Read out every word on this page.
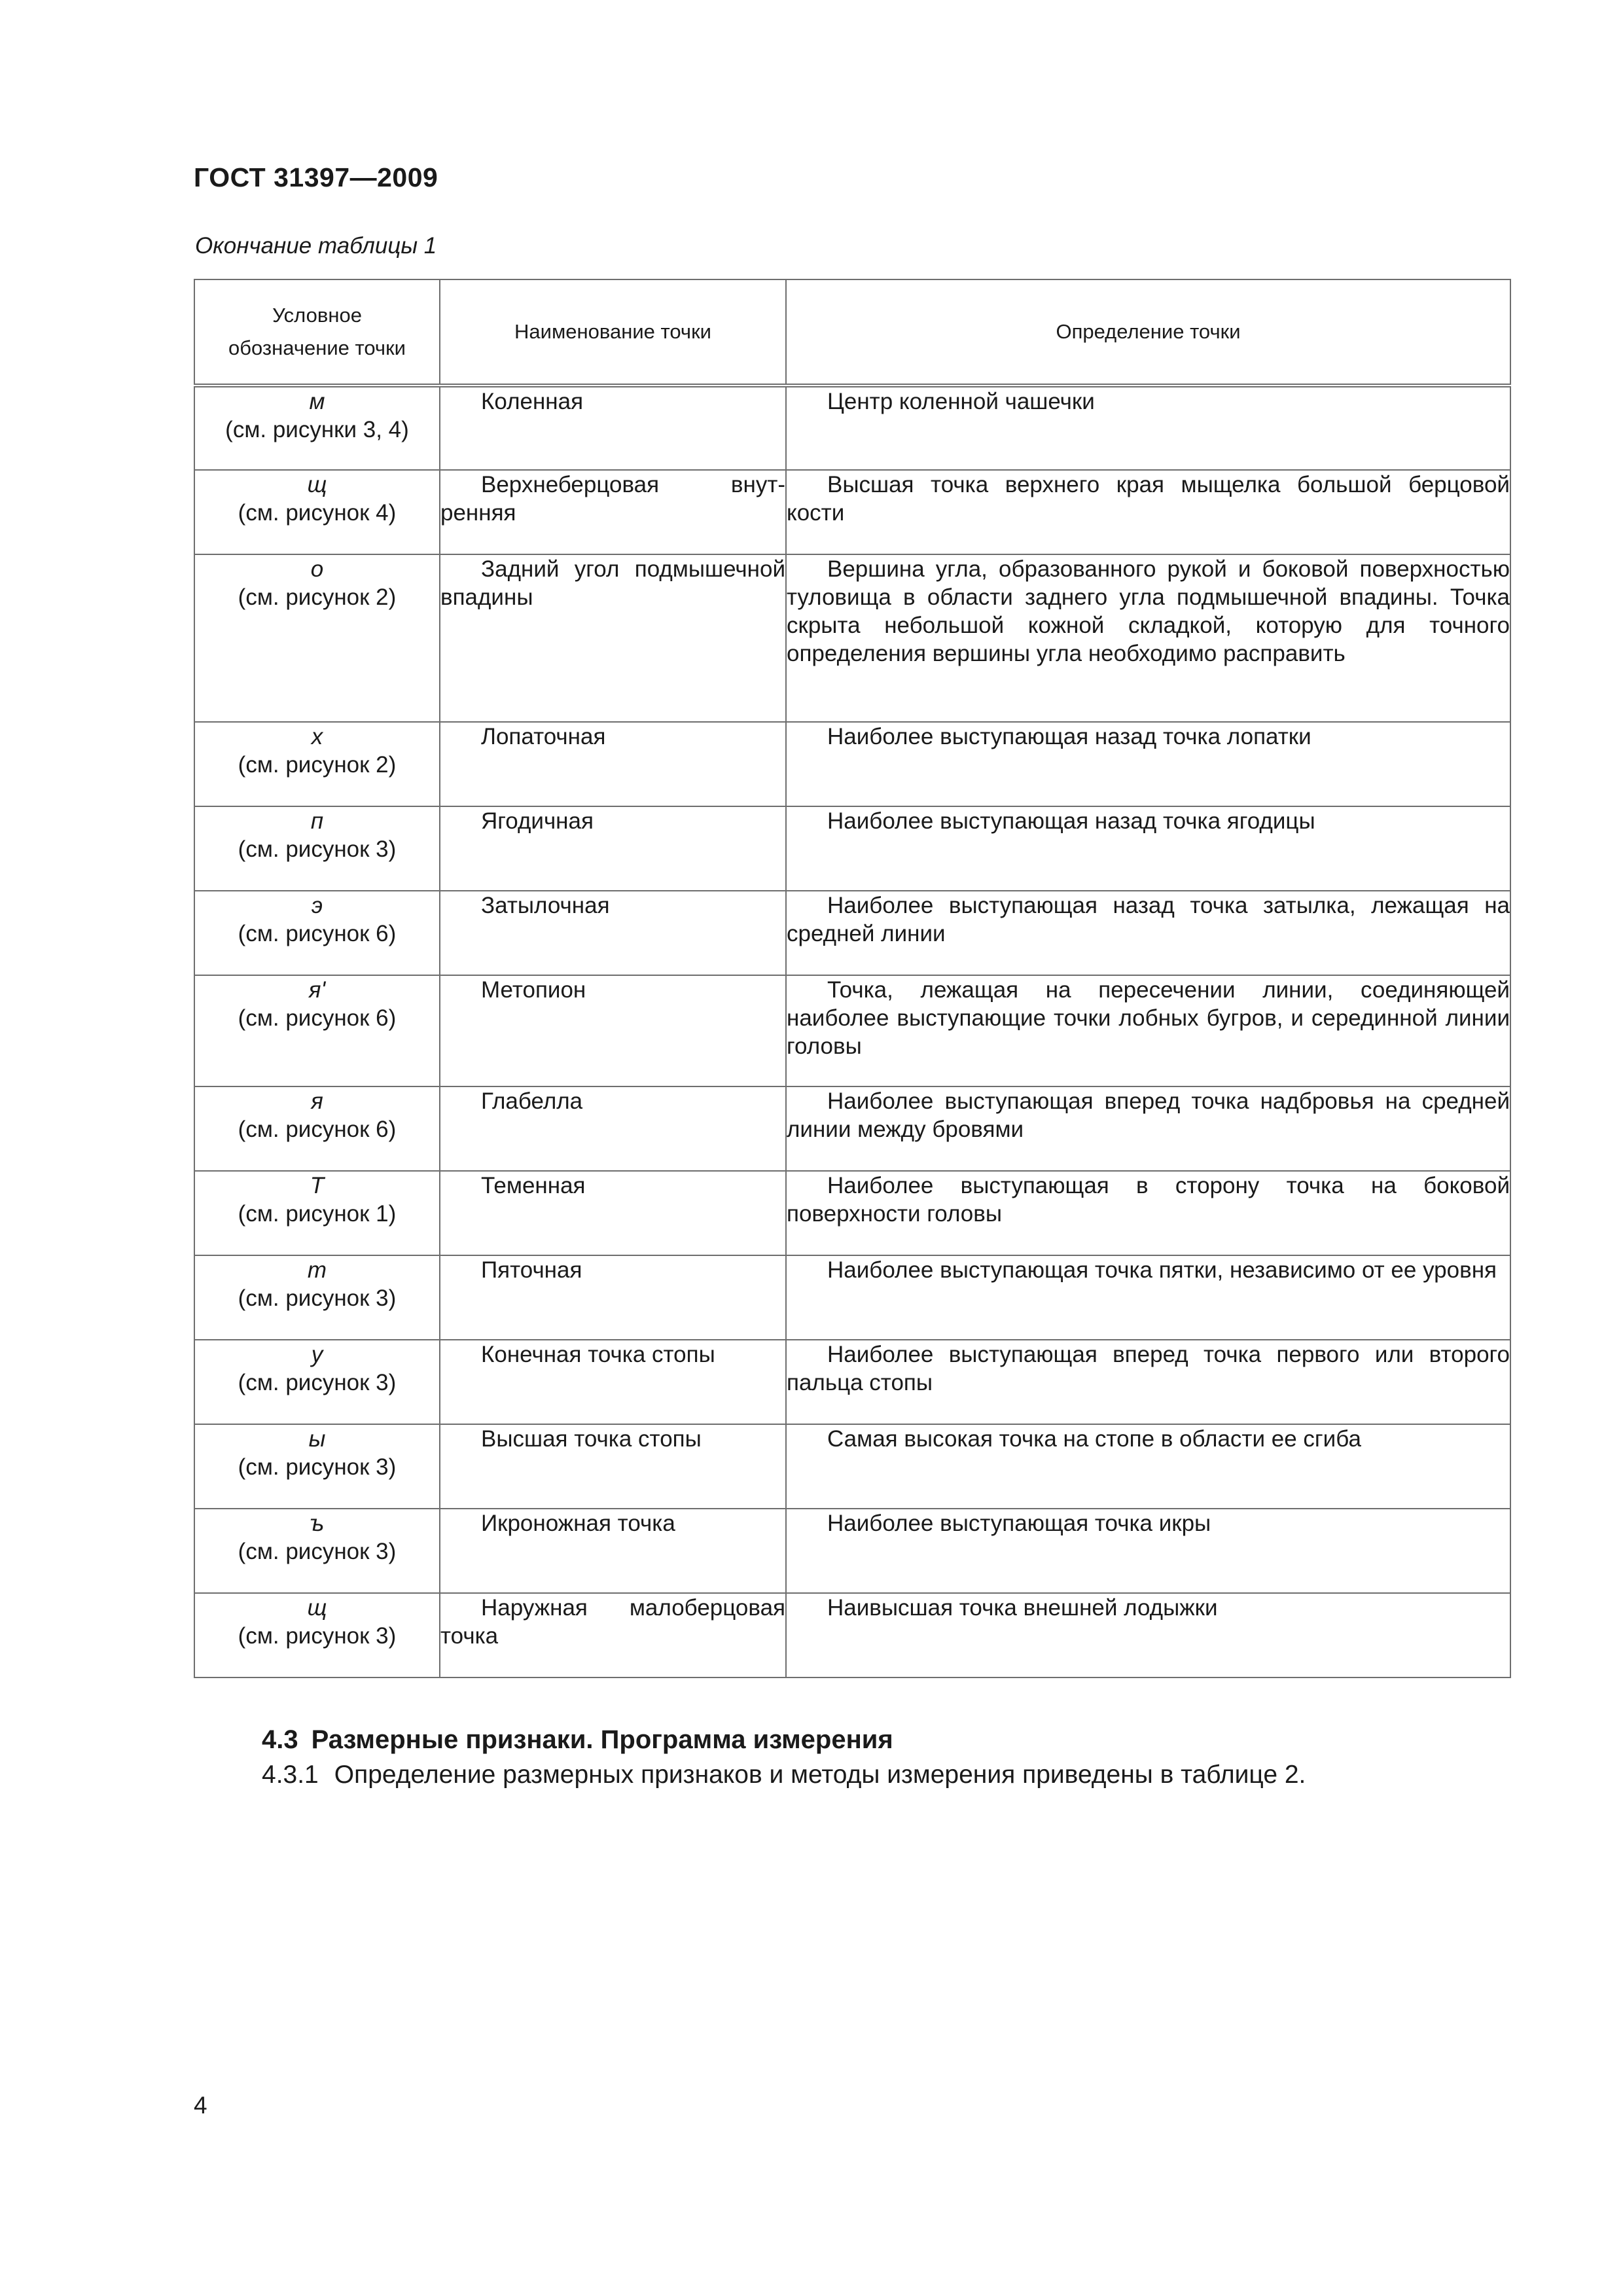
ГОСТ 31397—2009
Окончание таблицы 1
Условное
обозначение точки	Наименование точки	Определение точки

м
(см. рисунки 3, 4)	Коленная	Центр коленной чашечки

щ
(см. рисунок 4)	Верхнеберцовая внутренняя	Высшая точка верхнего края мыщелка большой берцовой кости

о
(см. рисунок 2)	Задний угол подмышечной впадины	Вершина угла, образованного рукой и боковой поверхностью туловища в области заднего угла подмышечной впадины. Точка скрыта небольшой кожной складкой, которую для точного определения вершины угла необходимо расправить

х
(см. рисунок 2)	Лопаточная	Наиболее выступающая назад точка лопатки

п
(см. рисунок 3)	Ягодичная	Наиболее выступающая назад точка ягодицы

э
(см. рисунок 6)	Затылочная	Наиболее выступающая назад точка затылка, лежащая на средней линии

я'
(см. рисунок 6)	Метопион	Точка, лежащая на пересечении линии, соединяющей наиболее выступающие точки лобных бугров, и серединной линии головы

я
(см. рисунок 6)	Глабелла	Наиболее выступающая вперед точка надбровья на средней линии между бровями

Т
(см. рисунок 1)	Теменная	Наиболее выступающая в сторону точка на боковой поверхности головы

т
(см. рисунок 3)	Пяточная	Наиболее выступающая точка пятки, независимо от ее уровня

у
(см. рисунок 3)	Конечная точка стопы	Наиболее выступающая вперед точка первого или второго пальца стопы

ы
(см. рисунок 3)	Высшая точка стопы	Самая высокая точка на стопе в области ее сгиба

ъ
(см. рисунок 3)	Икроножная точка	Наиболее выступающая точка икры

щ
(см. рисунок 3)	Наружная малоберцовая точка	Наивысшая точка внешней лодыжки
4.3 Размерные признаки. Программа измерения
4.3.1 Определение размерных признаков и методы измерения приведены в таблице 2.
4
